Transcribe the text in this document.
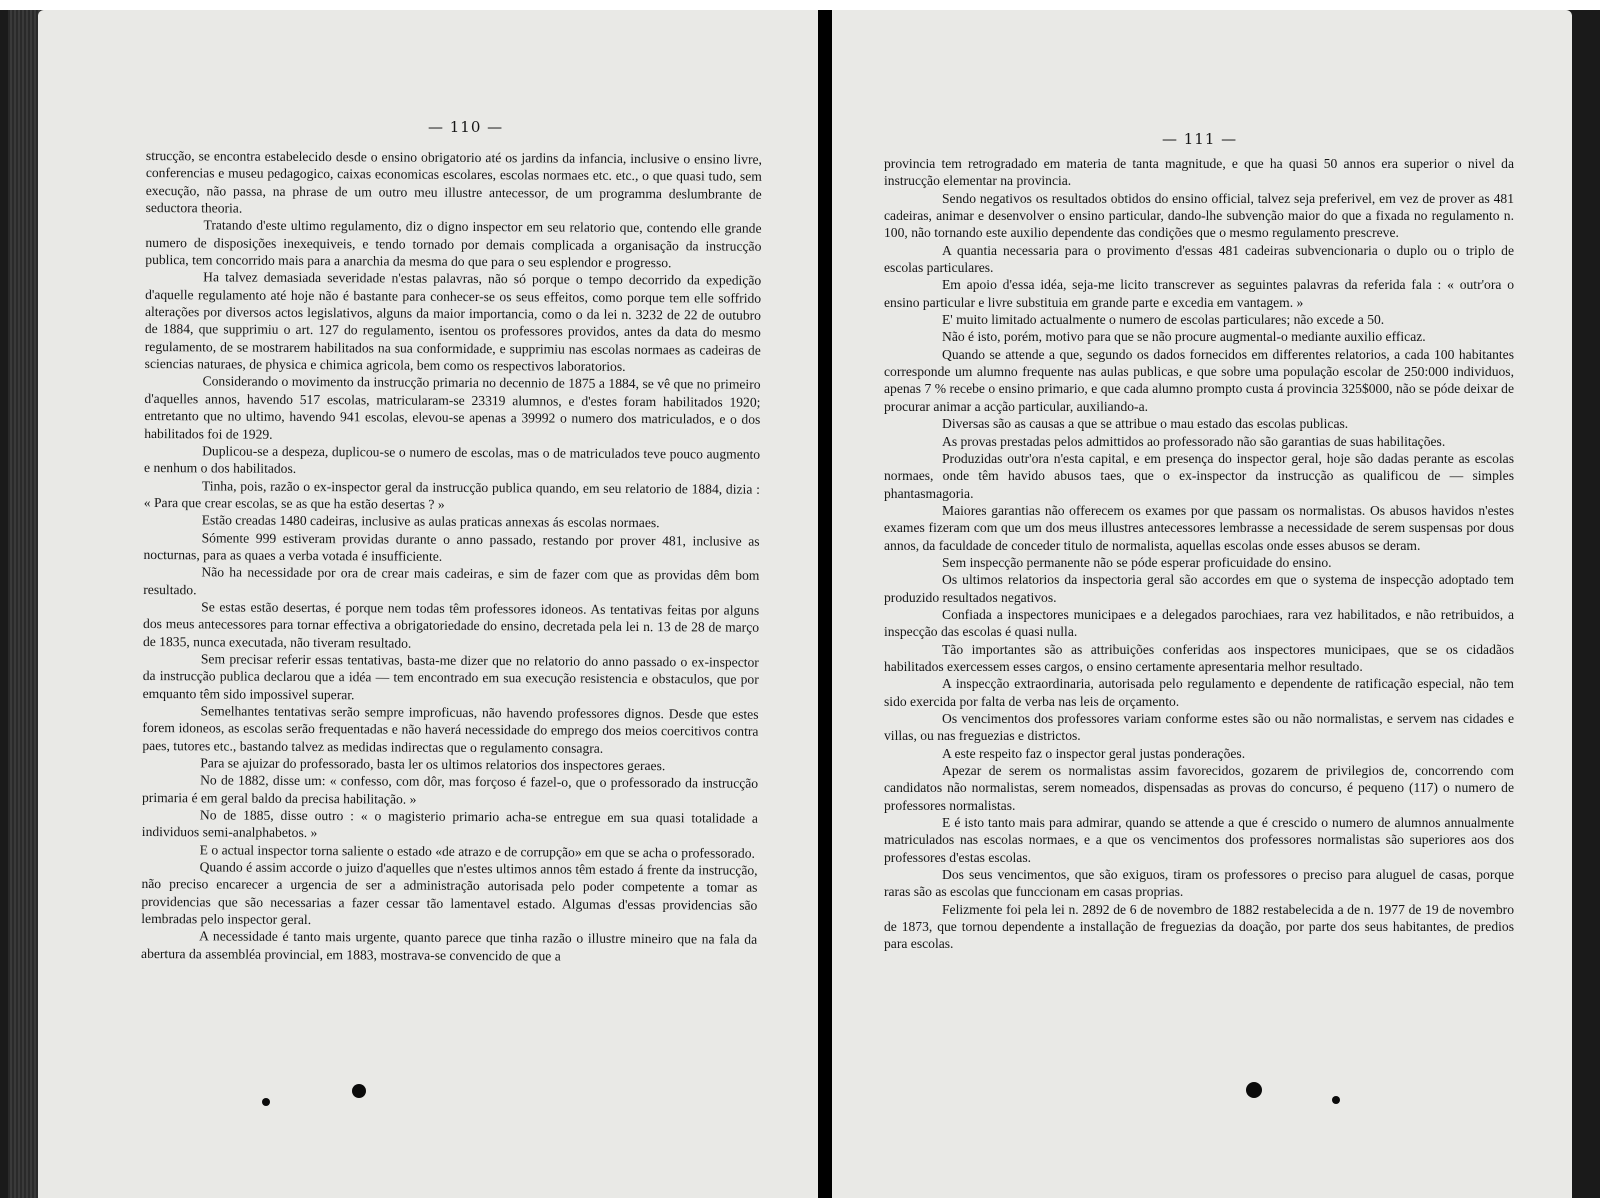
— 110 —

strucção, se encontra estabelecido desde o ensino obrigatorio até os jardins da infancia, inclusive o ensino livre, conferencias e museu pedagogico, caixas economicas escolares, escolas normaes etc. etc., o que quasi tudo, sem execução, não passa, na phrase de um outro meu illustre antecessor, de um programma deslumbrante de seductora theoria.

Tratando d'este ultimo regulamento, diz o digno inspector em seu relatorio que, contendo elle grande numero de disposições inexequiveis, e tendo tornado por demais complicada a organisação da instrucção publica, tem concorrido mais para a anarchia da mesma do que para o seu esplendor e progresso.

Ha talvez demasiada severidade n'estas palavras, não só porque o tempo decorrido da expedição d'aquelle regulamento até hoje não é bastante para conhecer-se os seus effeitos, como porque tem elle soffrido alterações por diversos actos legislativos, alguns da maior importancia, como o da lei n. 3232 de 22 de outubro de 1884, que supprimiu o art. 127 do regulamento, isentou os professores providos, antes da data do mesmo regulamento, de se mostrarem habilitados na sua conformidade, e supprimiu nas escolas normaes as cadeiras de sciencias naturaes, de physica e chimica agricola, bem como os respectivos laboratorios.

Considerando o movimento da instrucção primaria no decennio de 1875 a 1884, se vê que no primeiro d'aquelles annos, havendo 517 escolas, matricularam-se 23319 alumnos, e d'estes foram habilitados 1920; entretanto que no ultimo, havendo 941 escolas, elevou-se apenas a 39992 o numero dos matriculados, e o dos habilitados foi de 1929.

Duplicou-se a despeza, duplicou-se o numero de escolas, mas o de matriculados teve pouco augmento e nenhum o dos habilitados.

Tinha, pois, razão o ex-inspector geral da instrucção publica quando, em seu relatorio de 1884, dizia : « Para que crear escolas, se as que ha estão desertas ? »

Estão creadas 1480 cadeiras, inclusive as aulas praticas annexas ás escolas normaes.

Sómente 999 estiveram providas durante o anno passado, restando por prover 481, inclusive as nocturnas, para as quaes a verba votada é insufficiente.

Não ha necessidade por ora de crear mais cadeiras, e sim de fazer com que as providas dêm bom resultado.

Se estas estão desertas, é porque nem todas têm professores idoneos. As tentativas feitas por alguns dos meus antecessores para tornar effectiva a obrigatoriedade do ensino, decretada pela lei n. 13 de 28 de março de 1835, nunca executada, não tiveram resultado.

Sem precisar referir essas tentativas, basta-me dizer que no relatorio do anno passado o ex-inspector da instrucção publica declarou que a idéa — tem encontrado em sua execução resistencia e obstaculos, que por emquanto têm sido impossivel superar.

Semelhantes tentativas serão sempre improficuas, não havendo professores dignos. Desde que estes forem idoneos, as escolas serão frequentadas e não haverá necessidade do emprego dos meios coercitivos contra paes, tutores etc., bastando talvez as medidas indirectas que o regulamento consagra.

Para se ajuizar do professorado, basta ler os ultimos relatorios dos inspectores geraes.

No de 1882, disse um: « confesso, com dôr, mas forçoso é fazel-o, que o professorado da instrucção primaria é em geral baldo da precisa habilitação. »

No de 1885, disse outro : « o magisterio primario acha-se entregue em sua quasi totalidade a individuos semi-analphabetos. »

E o actual inspector torna saliente o estado «de atrazo e de corrupção» em que se acha o professorado.

Quando é assim accorde o juizo d'aquelles que n'estes ultimos annos têm estado á frente da instrucção, não preciso encarecer a urgencia de ser a administração autorisada pelo poder competente a tomar as providencias que são necessarias a fazer cessar tão lamentavel estado. Algumas d'essas providencias são lembradas pelo inspector geral.

A necessidade é tanto mais urgente, quanto parece que tinha razão o illustre mineiro que na fala da abertura da assembléa provincial, em 1883, mostrava-se convencido de que a

— 111 —

provincia tem retrogradado em materia de tanta magnitude, e que ha quasi 50 annos era superior o nivel da instrucção elementar na provincia.

Sendo negativos os resultados obtidos do ensino official, talvez seja preferivel, em vez de prover as 481 cadeiras, animar e desenvolver o ensino particular, dando-lhe subvenção maior do que a fixada no regulamento n. 100, não tornando este auxilio dependente das condições que o mesmo regulamento prescreve.

A quantia necessaria para o provimento d'essas 481 cadeiras subvencionaria o duplo ou o triplo de escolas particulares.

Em apoio d'essa idéa, seja-me licito transcrever as seguintes palavras da referida fala : « outr'ora o ensino particular e livre substituia em grande parte e excedia em vantagem. »

E' muito limitado actualmente o numero de escolas particulares; não excede a 50.

Não é isto, porém, motivo para que se não procure augmental-o mediante auxilio efficaz.

Quando se attende a que, segundo os dados fornecidos em differentes relatorios, a cada 100 habitantes corresponde um alumno frequente nas aulas publicas, e que sobre uma população escolar de 250:000 individuos, apenas 7 % recebe o ensino primario, e que cada alumno prompto custa á provincia 325$000, não se póde deixar de procurar animar a acção particular, auxiliando-a.

Diversas são as causas a que se attribue o mau estado das escolas publicas.

As provas prestadas pelos admittidos ao professorado não são garantias de suas habilitações.

Produzidas outr'ora n'esta capital, e em presença do inspector geral, hoje são dadas perante as escolas normaes, onde têm havido abusos taes, que o ex-inspector da instrucção as qualificou de — simples phantasmagoria.

Maiores garantias não offerecem os exames por que passam os normalistas. Os abusos havidos n'estes exames fizeram com que um dos meus illustres antecessores lembrasse a necessidade de serem suspensas por dous annos, da faculdade de conceder titulo de normalista, aquellas escolas onde esses abusos se deram.

Sem inspecção permanente não se póde esperar proficuidade do ensino.

Os ultimos relatorios da inspectoria geral são accordes em que o systema de inspecção adoptado tem produzido resultados negativos.

Confiada a inspectores municipaes e a delegados parochiaes, rara vez habilitados, e não retribuidos, a inspecção das escolas é quasi nulla.

Tão importantes são as attribuições conferidas aos inspectores municipaes, que se os cidadãos habilitados exercessem esses cargos, o ensino certamente apresentaria melhor resultado.

A inspecção extraordinaria, autorisada pelo regulamento e dependente de ratificação especial, não tem sido exercida por falta de verba nas leis de orçamento.

Os vencimentos dos professores variam conforme estes são ou não normalistas, e servem nas cidades e villas, ou nas freguezias e districtos.

A este respeito faz o inspector geral justas ponderações.

Apezar de serem os normalistas assim favorecidos, gozarem de privilegios de, concorrendo com candidatos não normalistas, serem nomeados, dispensadas as provas do concurso, é pequeno (117) o numero de professores normalistas.

E é isto tanto mais para admirar, quando se attende a que é crescido o numero de alumnos annualmente matriculados nas escolas normaes, e a que os vencimentos dos professores normalistas são superiores aos dos professores d'estas escolas.

Dos seus vencimentos, que são exiguos, tiram os professores o preciso para aluguel de casas, porque raras são as escolas que funccionam em casas proprias.

Felizmente foi pela lei n. 2892 de 6 de novembro de 1882 restabelecida a de n. 1977 de 19 de novembro de 1873, que tornou dependente a installação de freguezias da doação, por parte dos seus habitantes, de predios para escolas.
